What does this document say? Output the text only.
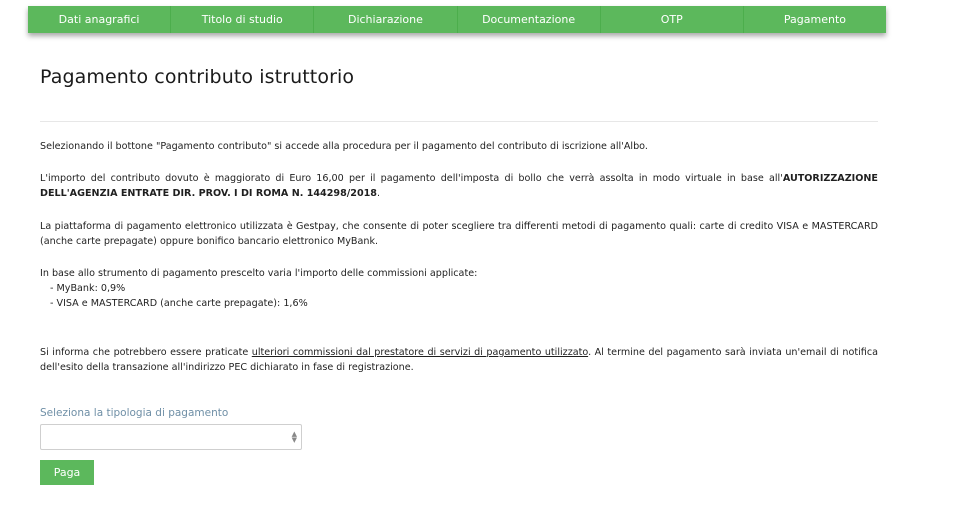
Dati anagrafici	Titolo di studio	Dichiarazione	Documentazione	OTP	Pagamento
Pagamento contributo istruttorio

Selezionando il bottone "Pagamento contributo" si accede alla procedura per il pagamento del contributo di iscrizione all'Albo.

L'importo del contributo dovuto è maggiorato di Euro 16,00 per il pagamento dell'imposta di bollo che verrà assolta in modo virtuale in base all'AUTORIZZAZIONE DELL'AGENZIA ENTRATE DIR. PROV. I DI ROMA N. 144298/2018.

La piattaforma di pagamento elettronico utilizzata è Gestpay, che consente di poter scegliere tra differenti metodi di pagamento quali: carte di credito VISA e MASTERCARD (anche carte prepagate) oppure bonifico bancario elettronico MyBank.

In base allo strumento di pagamento prescelto varia l'importo delle commissioni applicate:

- MyBank: 0,9%
- VISA e MASTERCARD (anche carte prepagate): 1,6%

Si informa che potrebbero essere praticate ulteriori commissioni dal prestatore di servizi di pagamento utilizzato. Al termine del pagamento sarà inviata un'email di notifica dell'esito della transazione all'indirizzo PEC dichiarato in fase di registrazione.

Seleziona la tipologia di pagamento
▲
▼
Paga
